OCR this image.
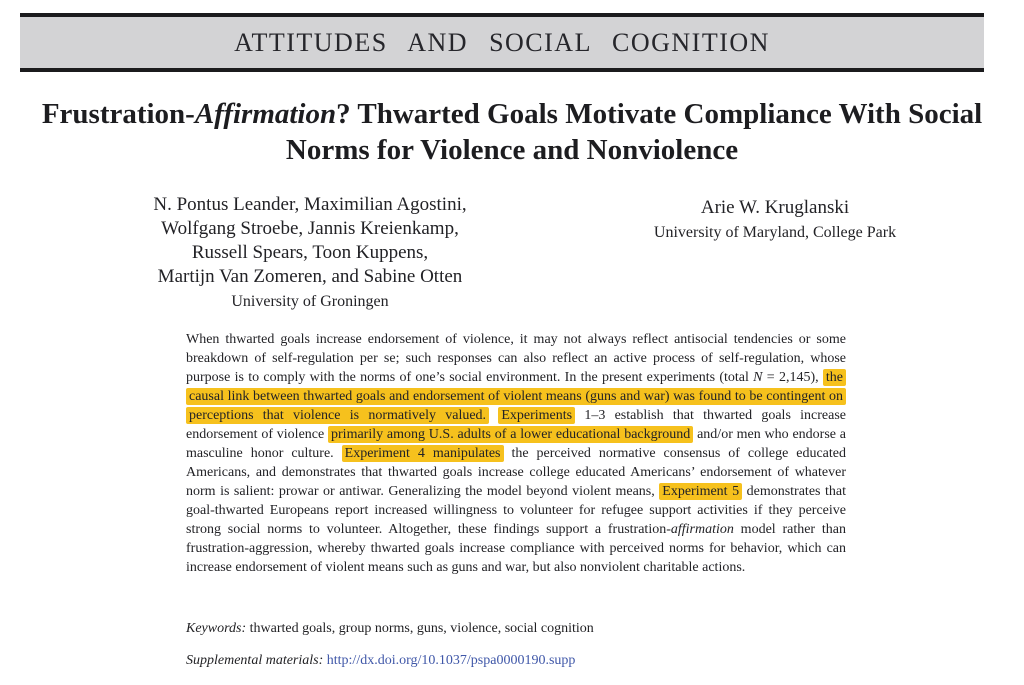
ATTITUDES AND SOCIAL COGNITION
Frustration-Affirmation? Thwarted Goals Motivate Compliance With Social
Norms for Violence and Nonviolence
N. Pontus Leander, Maximilian Agostini,
Wolfgang Stroebe, Jannis Kreienkamp,
Russell Spears, Toon Kuppens,
Martijn Van Zomeren, and Sabine Otten
University of Groningen
Arie W. Kruglanski
University of Maryland, College Park

When thwarted goals increase endorsement of violence, it may not always reflect antisocial tendencies or some breakdown of self-regulation per se; such responses can also reflect an active process of self-regulation, whose purpose is to comply with the norms of one’s social environment. In the present experiments (total N = 2,145), the causal link between thwarted goals and endorsement of violent means (guns and war) was found to be contingent on perceptions that violence is normatively valued. Experiments 1–3 establish that thwarted goals increase endorsement of violence primarily among U.S. adults of a lower educational background and/or men who endorse a masculine honor culture. Experiment 4 manipulates the perceived normative consensus of college educated Americans, and demonstrates that thwarted goals increase college educated Americans’ endorsement of whatever norm is salient: prowar or antiwar. Generalizing the model beyond violent means, Experiment 5 demonstrates that goal-thwarted Europeans report increased willingness to volunteer for refugee support activities if they perceive strong social norms to volunteer. Altogether, these findings support a frustration-affirmation model rather than frustration-aggression, whereby thwarted goals increase compliance with perceived norms for behavior, which can increase endorsement of violent means such as guns and war, but also nonviolent charitable actions.

Keywords: thwarted goals, group norms, guns, violence, social cognition

Supplemental materials: http://dx.doi.org/10.1037/pspa0000190.supp
